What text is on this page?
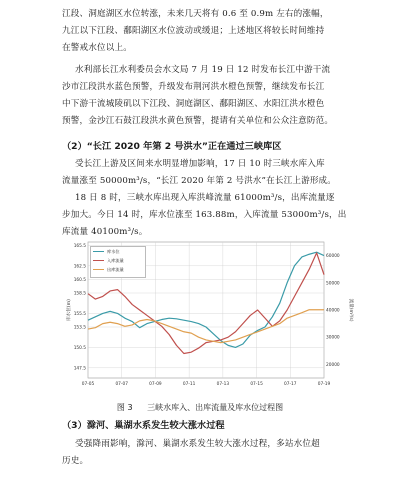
江段、洞庭湖区水位转涨，未来几天将有 0.6 至 0.9m 左右的涨幅，
九江以下江段、鄱阳湖区水位波动或缓退；上述地区将较长时间维持
在警戒水位以上。
水利部长江水利委员会水文局 7 月 19 日 12 时发布长江中游干流
沙市江段洪水蓝色预警，升级发布荆河洪水橙色预警，继续发布长江
中下游干流城陵矶以下江段、洞庭湖区、鄱阳湖区、水阳江洪水橙色
预警，金沙江石鼓江段洪水黄色预警，提请有关单位和公众注意防范。
（2）“长江 2020 年第 2 号洪水”正在通过三峡库区
受长江上游及区间来水明显增加影响，17 日 10 时三峡水库入库
流量涨至 50000m³/s，“长江 2020 年第 2 号洪水”在长江上游形成。
18 日 8 时，三峡水库出现入库洪峰流量 61000m³/s，出库流量逐
步加大。今日 14 时，库水位涨至 163.88m，入库流量 53000m³/s，出
库流量 40100m³/s。
147.5
150.5
153.5
155.5
158.5
160.5
162.5
165.5
20000
30000
40000
50000
60000
07-05	07-07	07-09	07-11	07-13	07-15	07-17	07-19
库水位(m)	流量(m³/s)
库水位
入库流量
出库流量
图 3 三峡水库入、出库流量及库水位过程图
（3）滁河、巢湖水系发生较大涨水过程
受强降雨影响，滁河、巢湖水系发生较大涨水过程，多站水位超
历史。
